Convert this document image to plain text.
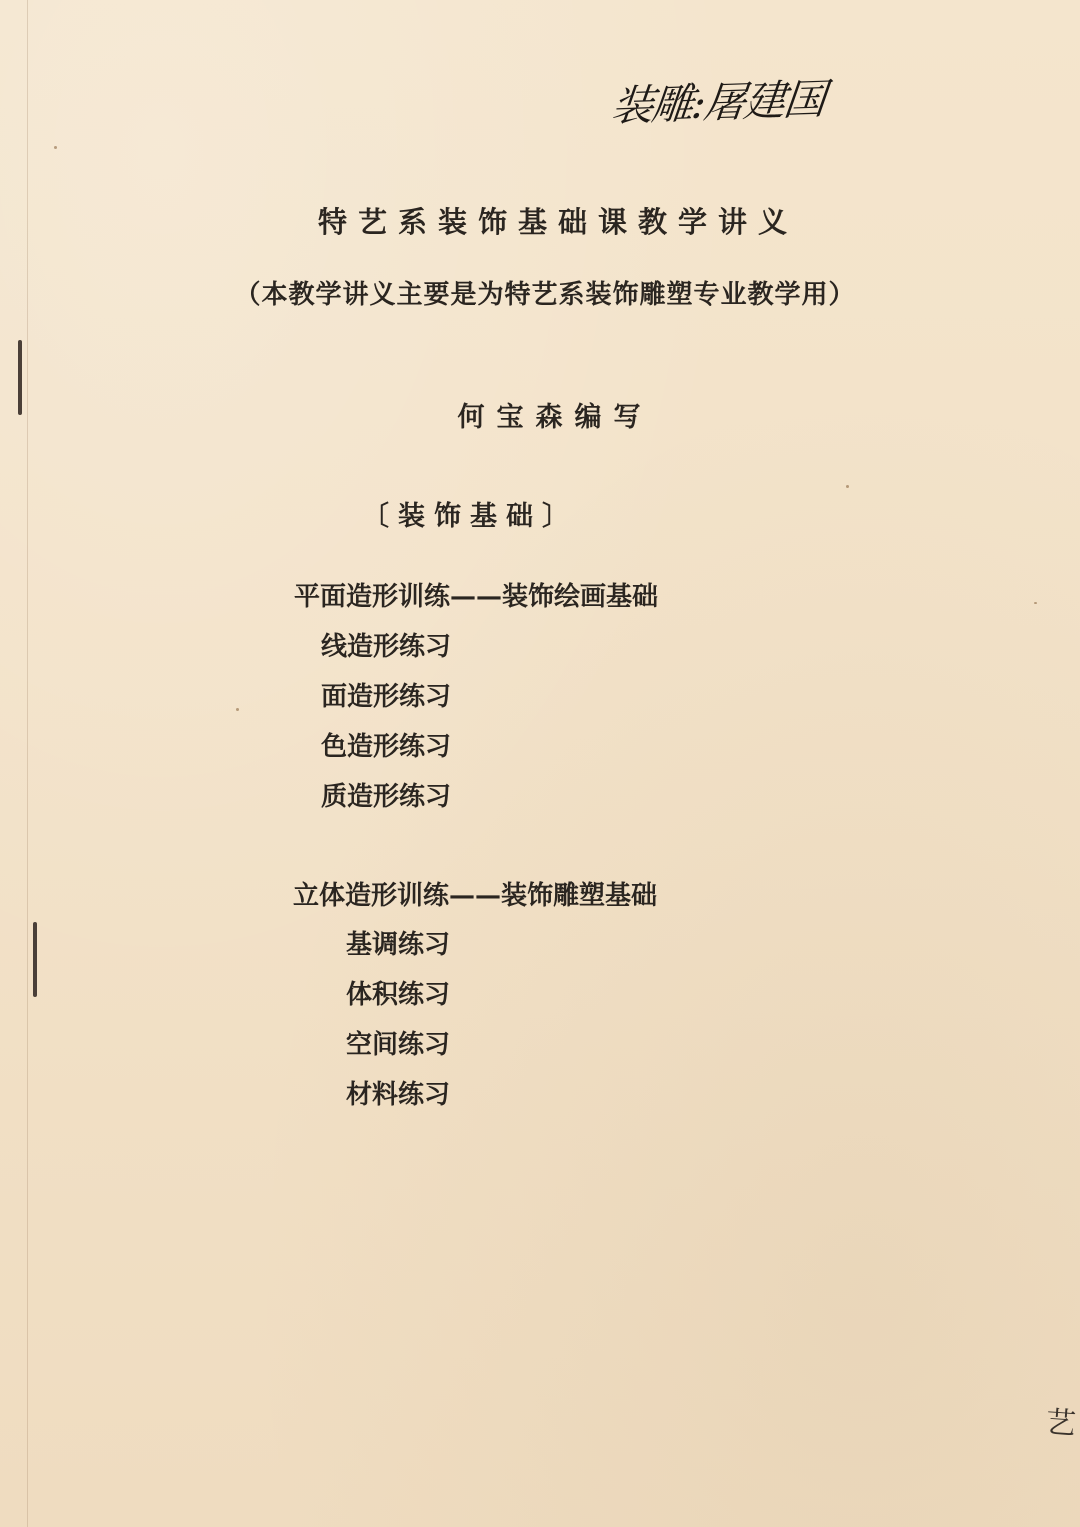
装雕:屠建国
特艺系装饰基础课教学讲义
（本教学讲义主要是为特艺系装饰雕塑专业教学用）
何宝森编写
〔装饰基础〕
平面造形训练——装饰绘画基础
线造形练习
面造形练习
色造形练习
质造形练习
立体造形训练——装饰雕塑基础
基调练习
体积练习
空间练习
材料练习
艺
